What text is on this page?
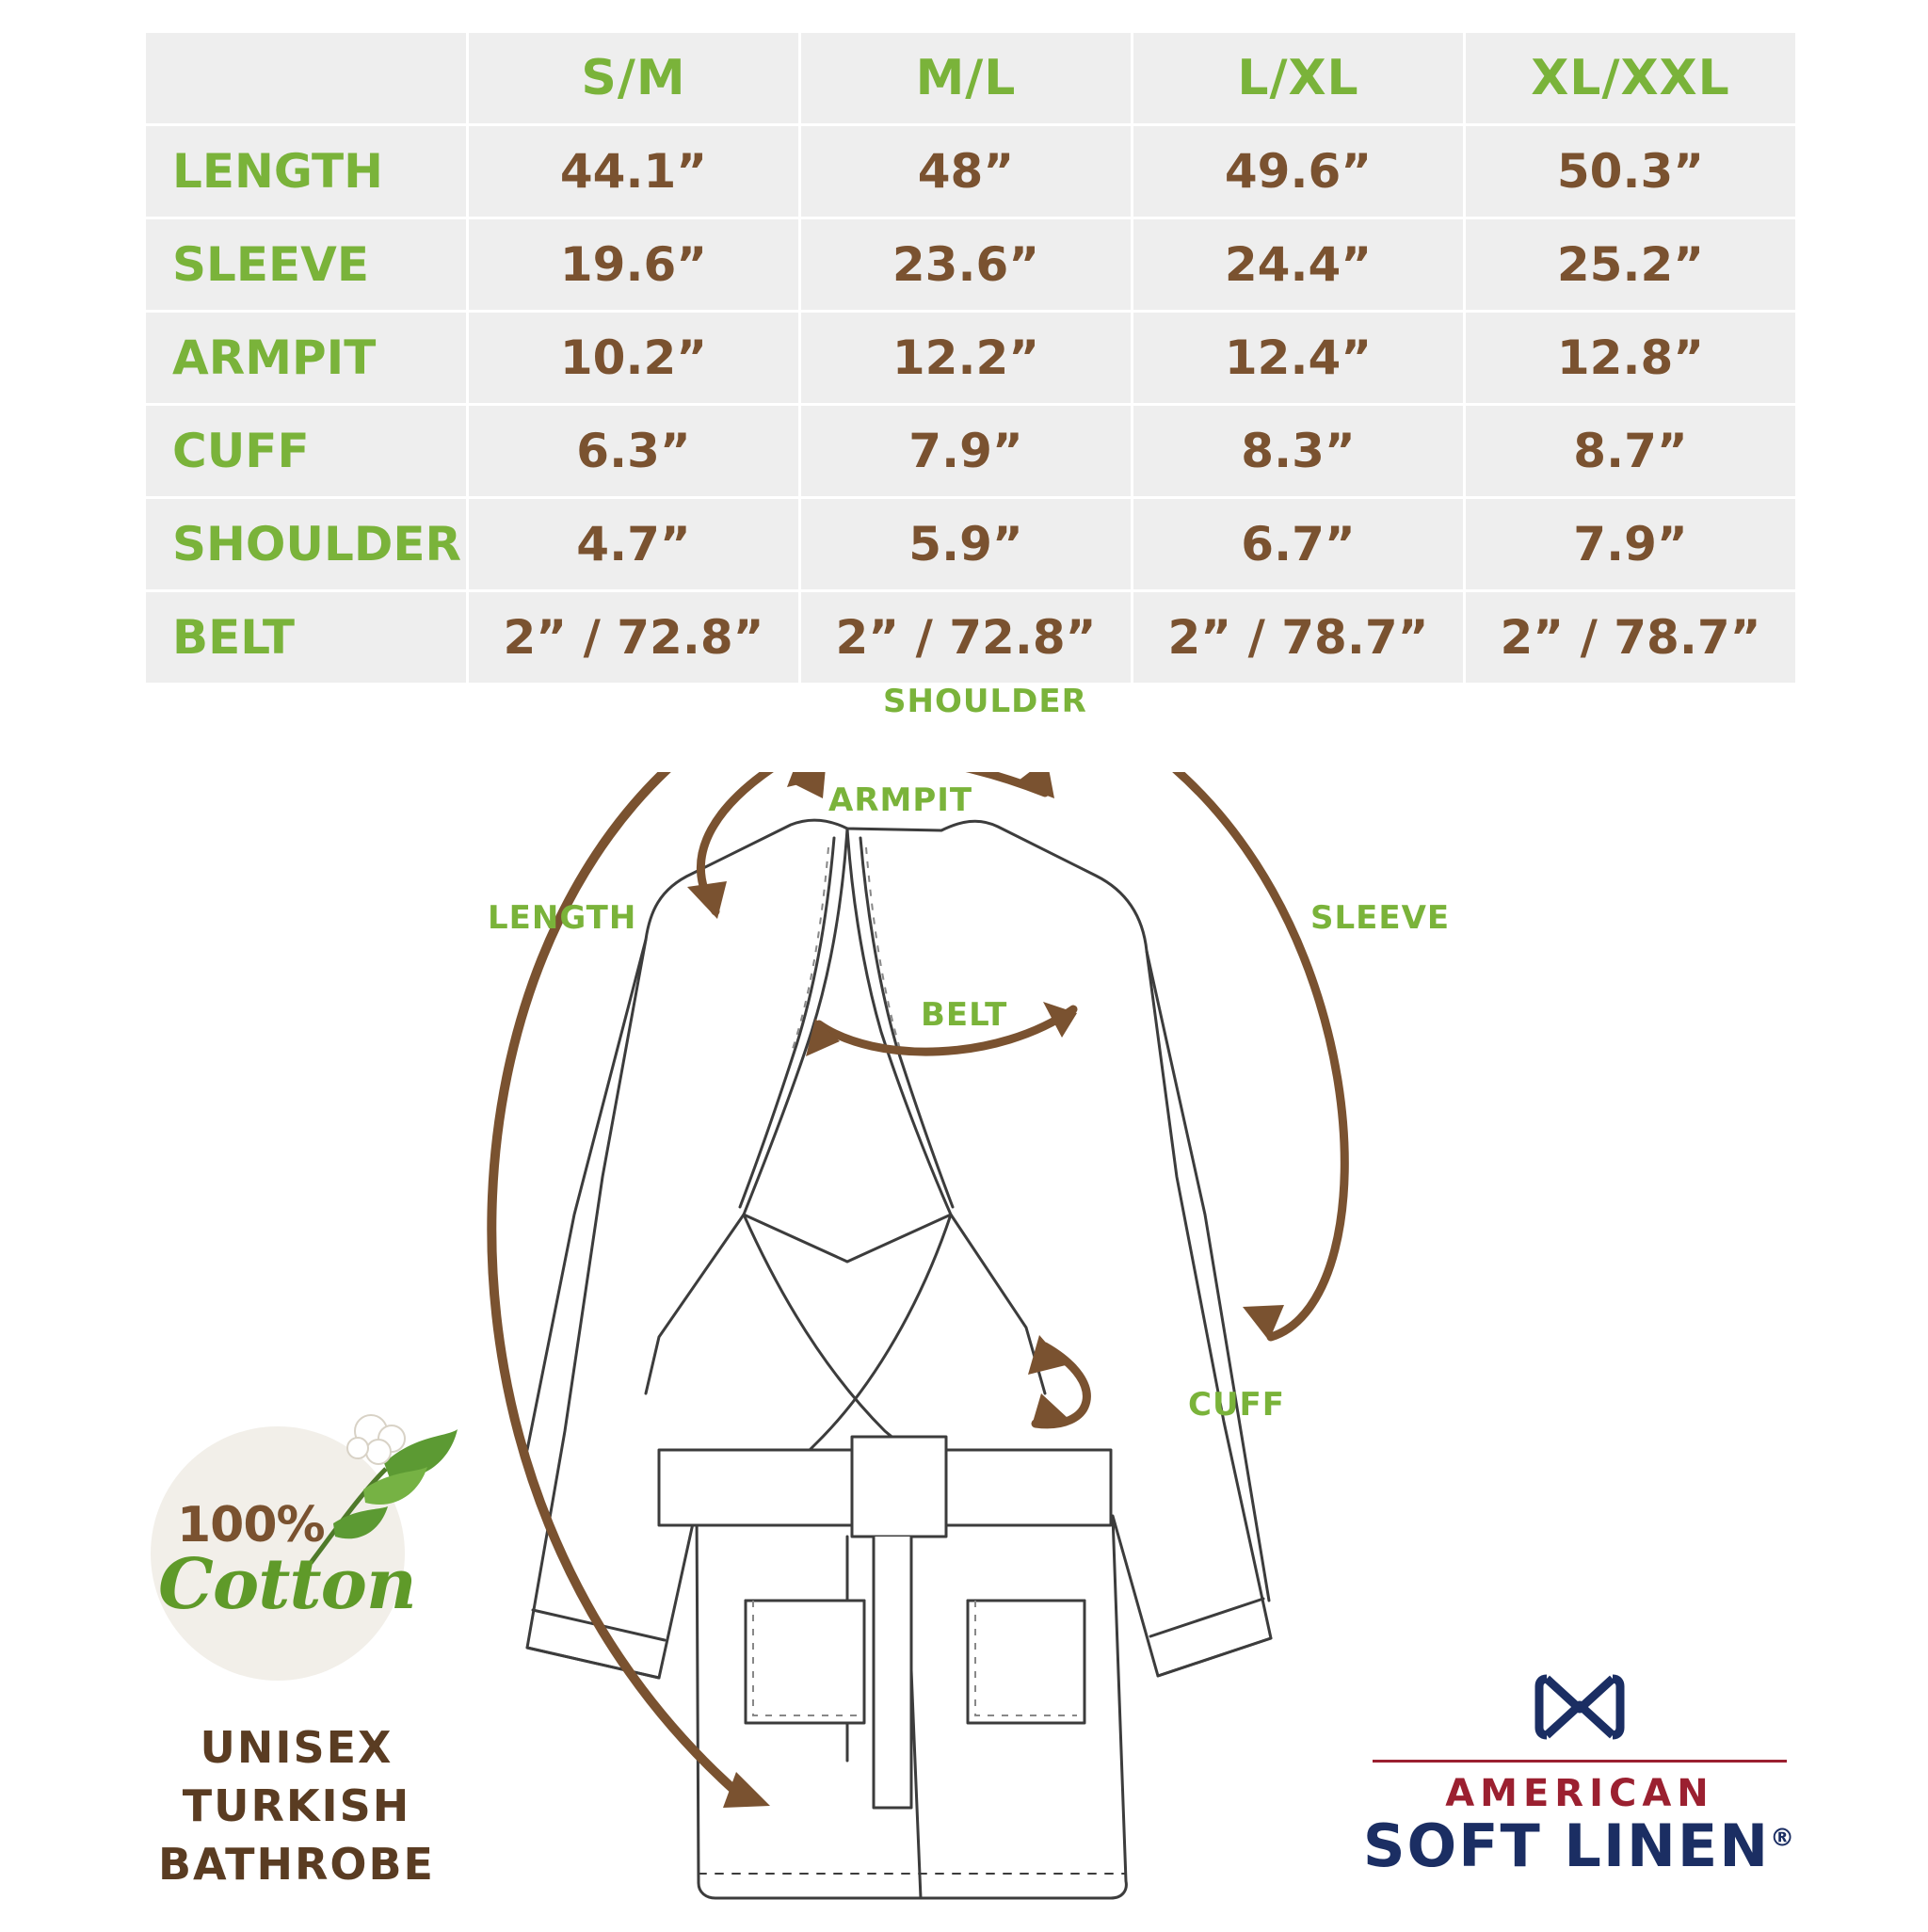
	S/M	M/L	L/XL	XL/XXL
LENGTH	44.1”	48”	49.6”	50.3”
SLEEVE	19.6”	23.6”	24.4”	25.2”
ARMPIT	10.2”	12.2”	12.4”	12.8”
CUFF	6.3”	7.9”	8.3”	8.7”
SHOULDER	4.7”	5.9”	6.7”	7.9”
BELT	2” / 72.8”	2” / 72.8”	2” / 78.7”	2” / 78.7”
SHOULDER
ARMPIT
LENGTH	SLEEVE
BELT
CUFF
100%
Cotton
UNISEX
TURKISH
BATHROBE
AMERICAN
SOFT LINEN®
